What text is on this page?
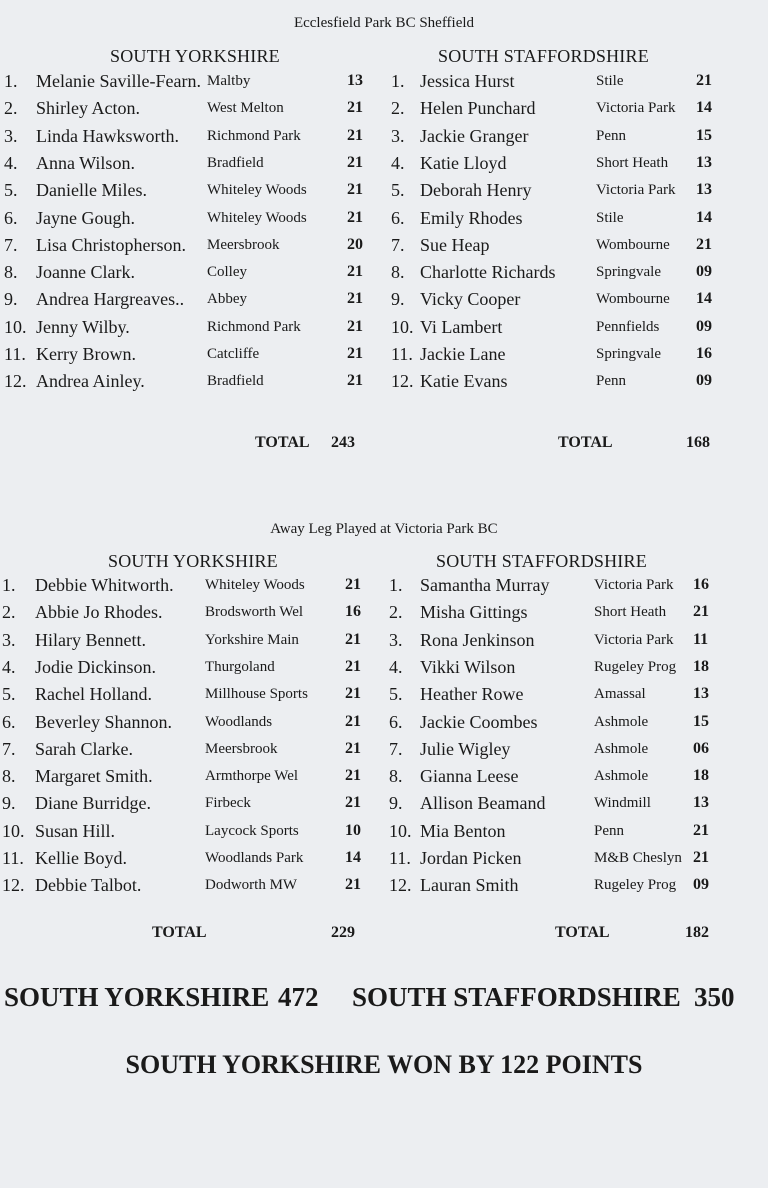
Ecclesfield Park BC Sheffield
SOUTH YORKSHIRE	SOUTH STAFFORDSHIRE
1. Melanie Saville-Fearn. Maltby	13
2. Shirley Acton.	West Melton	21
3. Linda Hawksworth. Richmond Park	21
4. Anna Wilson.	Bradfield	21
5. Danielle Miles.	Whiteley Woods	21
6. Jayne Gough.	Whiteley Woods	21
7. Lisa Christopherson. Meersbrook	20
8. Joanne Clark.	Colley	21
9. Andrea Hargreaves.. Abbey	21
10. Jenny Wilby.	Richmond Park	21
11. Kerry Brown.	Catcliffe	21
12. Andrea Ainley.	Bradfield	21
1. Jessica Hurst	Stile	21
2. Helen Punchard	Victoria Park 14
3. Jackie Granger	Penn	15
4. Katie Lloyd	Short Heath 13
5. Deborah Henry	Victoria Park 13
6. Emily Rhodes	Stile	14
7. Sue Heap	Wombourne 21
8. Charlotte Richards	Springvale 09
9. Vicky Cooper	Wombourne 14
10. Vi Lambert	Pennfields 09
11. Jackie Lane	Springvale 16
12. Katie Evans	Penn	09
TOTAL 243	TOTAL	168
Away Leg Played at Victoria Park BC
SOUTH YORKSHIRE	SOUTH STAFFORDSHIRE
1. Debbie Whitworth. Whiteley Woods	21
2. Abbie Jo Rhodes.	Brodsworth Wel	16
3. Hilary Bennett.	Yorkshire Main	21
4. Jodie Dickinson.	Thurgoland	21
5. Rachel Holland.	Millhouse Sports 21
6. Beverley Shannon. Woodlands	21
7. Sarah Clarke.	Meersbrook	21
8. Margaret Smith.	Armthorpe Wel	21
9. Diane Burridge.	Firbeck	21
10. Susan Hill.	Laycock Sports	10
11. Kellie Boyd.	Woodlands Park	14
12. Debbie Talbot.	Dodworth MW	21
1. Samantha Murray	Victoria Park 16
2. Misha Gittings	Short Heath 21
3. Rona Jenkinson	Victoria Park 11
4. Vikki Wilson	Rugeley Prog 18
5. Heather Rowe	Amassal	13
6. Jackie Coombes	Ashmole	15
7. Julie Wigley	Ashmole	06
8. Gianna Leese	Ashmole	18
9. Allison Beamand	Windmill	13
10. Mia Benton	Penn	21
11. Jordan Picken	M&B Cheslyn 21
12. Lauran Smith	Rugeley Prog 09
TOTAL	229	TOTAL	182
SOUTH YORKSHIRE 472 SOUTH STAFFORDSHIRE 350
SOUTH YORKSHIRE WON BY 122 POINTS
